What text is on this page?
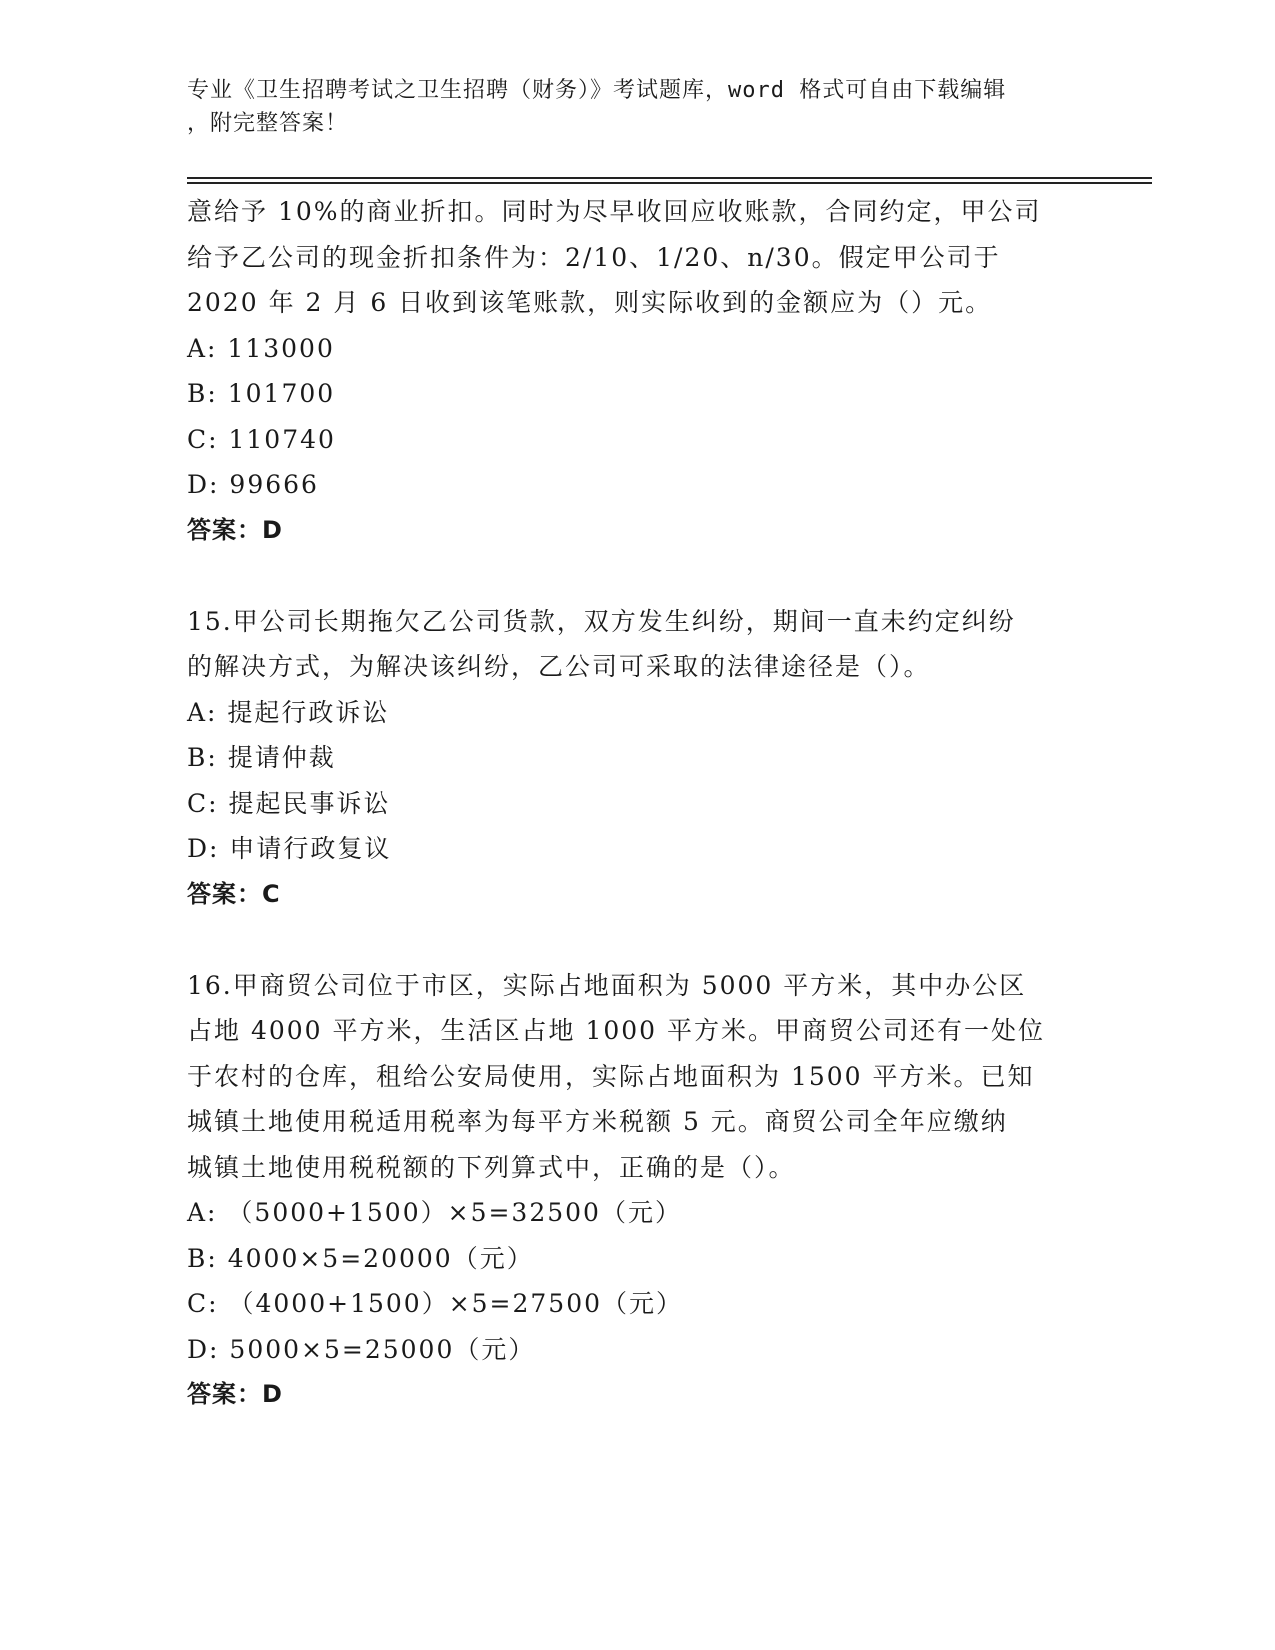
专业《卫生招聘考试之卫生招聘（财务）》考试题库，word 格式可自由下载编辑
，附完整答案！
意给予 10%的商业折扣。同时为尽早收回应收账款，合同约定，甲公司
给予乙公司的现金折扣条件为：2/10、1/20、n/30。假定甲公司于
2020 年 2 月 6 日收到该笔账款，则实际收到的金额应为（）元。
A: 113000
B: 101700
C: 110740
D: 99666
答案：D
15.甲公司长期拖欠乙公司货款，双方发生纠纷，期间一直未约定纠纷
的解决方式，为解决该纠纷，乙公司可采取的法律途径是（）。
A: 提起行政诉讼
B: 提请仲裁
C: 提起民事诉讼
D: 申请行政复议
答案：C
16.甲商贸公司位于市区，实际占地面积为 5000 平方米，其中办公区
占地 4000 平方米，生活区占地 1000 平方米。甲商贸公司还有一处位
于农村的仓库，租给公安局使用，实际占地面积为 1500 平方米。已知
城镇土地使用税适用税率为每平方米税额 5 元。商贸公司全年应缴纳
城镇土地使用税税额的下列算式中，正确的是（）。
A: （5000+1500）×5=32500（元）
B: 4000×5=20000（元）
C: （4000+1500）×5=27500（元）
D: 5000×5=25000（元）
答案：D
